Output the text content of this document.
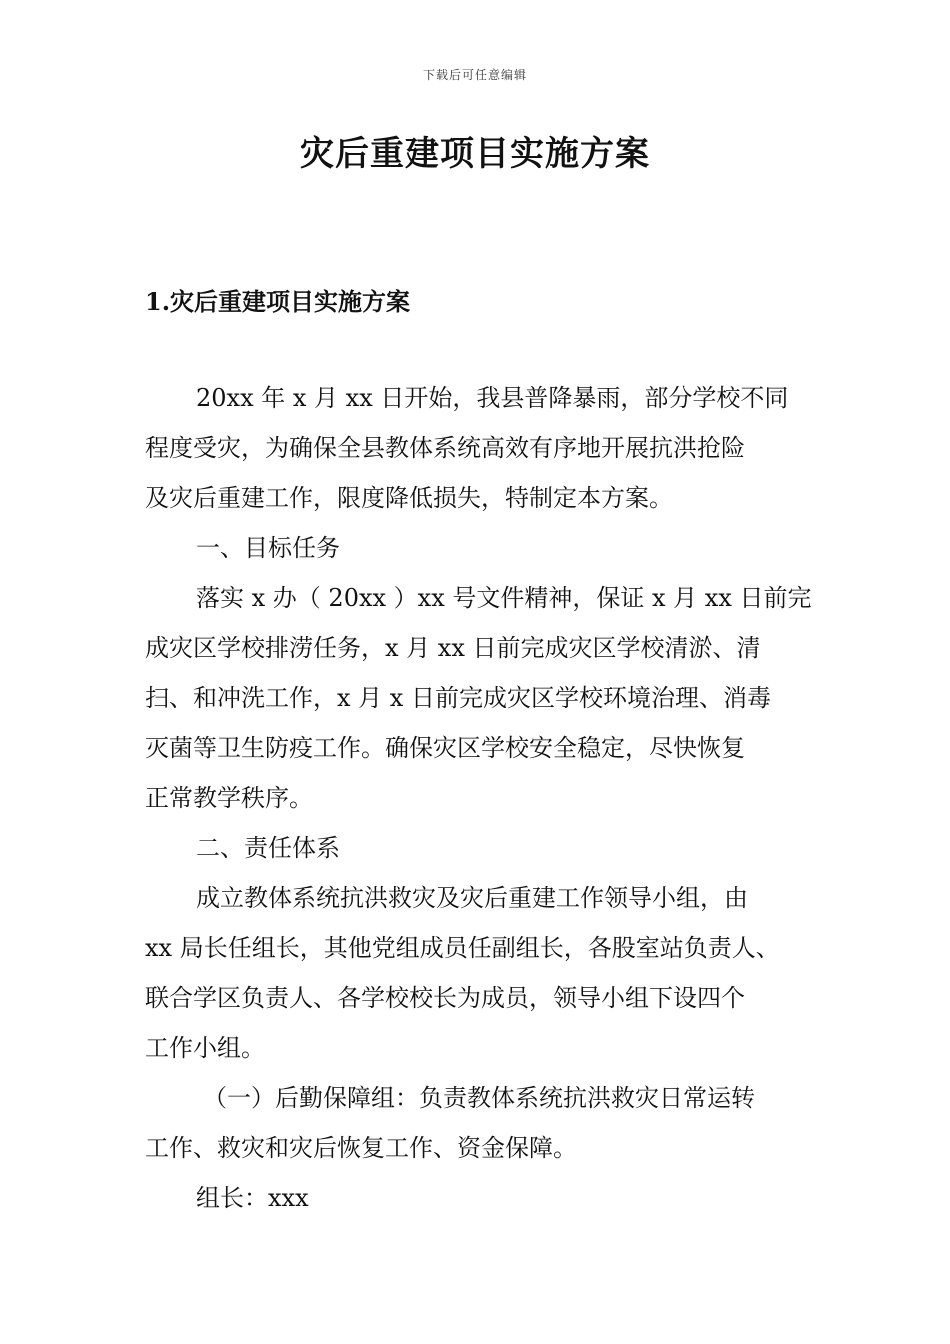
下载后可任意编辑
灾后重建项目实施方案
1.灾后重建项目实施方案

20xx 年 x 月 xx 日开始，我县普降暴雨，部分学校不同
程度受灾，为确保全县教体系统高效有序地开展抗洪抢险
及灾后重建工作，限度降低损失，特制定本方案。

一、目标任务

落实 x 办（ 20xx ）xx 号文件精神，保证 x 月 xx 日前完
成灾区学校排涝任务，x 月 xx 日前完成灾区学校清淤、清
扫、和冲洗工作，x 月 x 日前完成灾区学校环境治理、消毒
灭菌等卫生防疫工作。确保灾区学校安全稳定，尽快恢复
正常教学秩序。

二、责任体系

成立教体系统抗洪救灾及灾后重建工作领导小组，由
xx 局长任组长，其他党组成员任副组长，各股室站负责人、
联合学区负责人、各学校校长为成员，领导小组下设四个
工作小组。

（一）后勤保障组：负责教体系统抗洪救灾日常运转
工作、救灾和灾后恢复工作、资金保障。

组长：xxx
